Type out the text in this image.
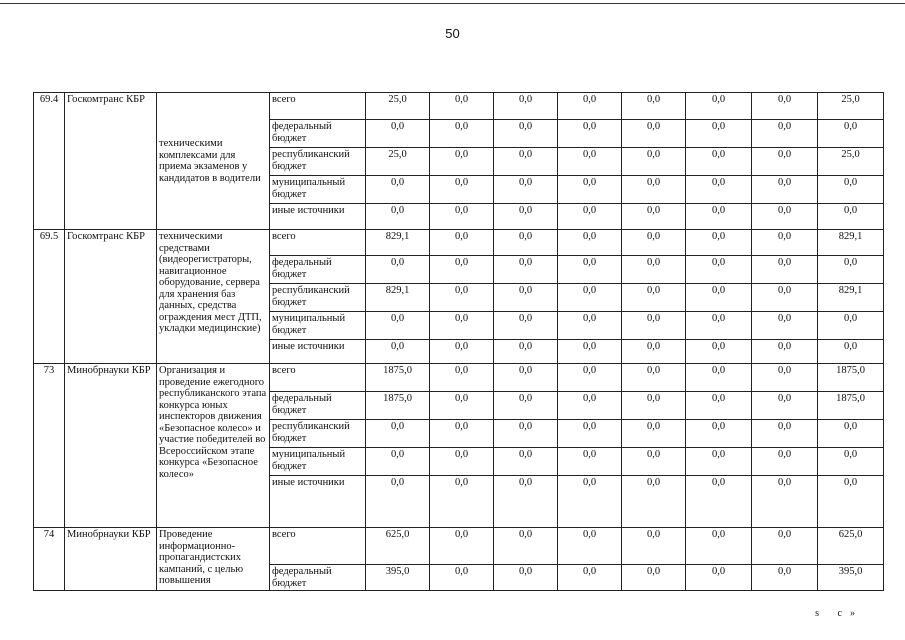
50
69.4	Госкомтранс КБР	техническими комплексами для приема экзаменов у кандидатов в водители	всего	25,0	0,0	0,0	0,0	0,0	0,0	0,0	25,0
			федеральный бюджет	0,0	0,0	0,0	0,0	0,0	0,0	0,0	0,0
			республиканский бюджет	25,0	0,0	0,0	0,0	0,0	0,0	0,0	25,0
			муниципальный бюджет	0,0	0,0	0,0	0,0	0,0	0,0	0,0	0,0
			иные источники	0,0	0,0	0,0	0,0	0,0	0,0	0,0	0,0
69.5	Госкомтранс КБР	техническими средствами (видеорегистраторы, навигационное оборудование, сервера для хранения баз данных, средства ограждения мест ДТП, укладки медицинские)	всего	829,1	0,0	0,0	0,0	0,0	0,0	0,0	829,1
			федеральный бюджет	0,0	0,0	0,0	0,0	0,0	0,0	0,0	0,0
			республиканский бюджет	829,1	0,0	0,0	0,0	0,0	0,0	0,0	829,1
			муниципальный бюджет	0,0	0,0	0,0	0,0	0,0	0,0	0,0	0,0
			иные источники	0,0	0,0	0,0	0,0	0,0	0,0	0,0	0,0
73	Минобрнауки КБР	Организация и проведение ежегодного республиканского этапа конкурса юных инспекторов движения «Безопасное колесо» и участие победителей во Всероссийском этапе конкурса «Безопасное колесо»	всего	1875,0	0,0	0,0	0,0	0,0	0,0	0,0	1875,0
			федеральный бюджет	1875,0	0,0	0,0	0,0	0,0	0,0	0,0	1875,0
			республиканский бюджет	0,0	0,0	0,0	0,0	0,0	0,0	0,0	0,0
			муниципальный бюджет	0,0	0,0	0,0	0,0	0,0	0,0	0,0	0,0
			иные источники	0,0	0,0	0,0	0,0	0,0	0,0	0,0	0,0
74	Минобрнауки КБР	Проведение информационно-пропагандистских кампаний, с целью повышения	всего	625,0	0,0	0,0	0,0	0,0	0,0	0,0	625,0
			федеральный бюджет	395,0	0,0	0,0	0,0	0,0	0,0	0,0	395,0
s c»
